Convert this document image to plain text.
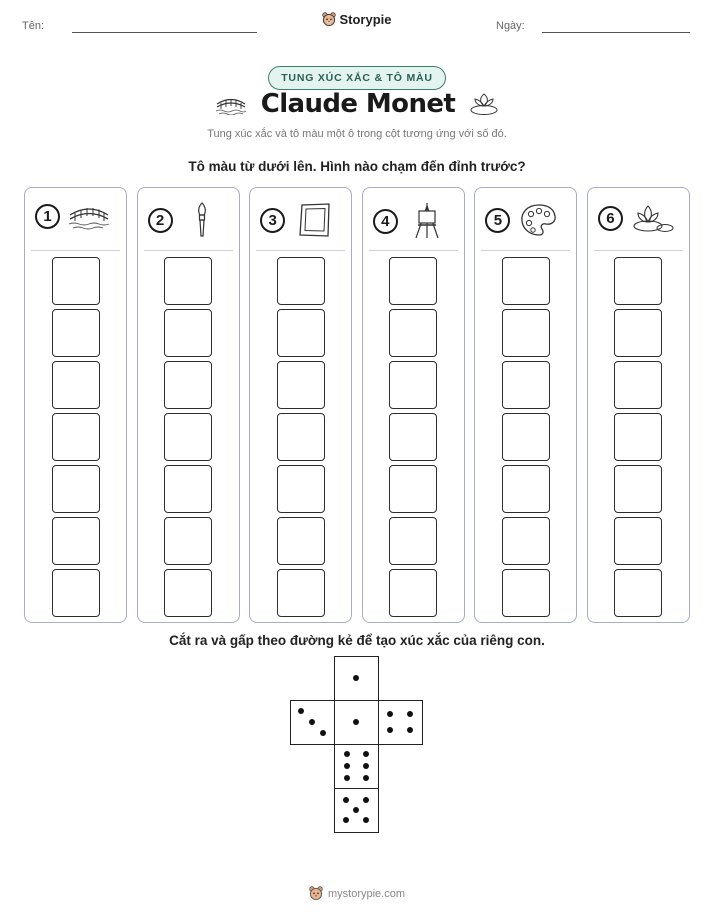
Tên:	Storypie	Ngày:
TUNG XÚC XẮC & TÔ MÀU
Claude Monet
Tung xúc xắc và tô màu một ô trong cột tương ứng với số đó.
Tô màu từ dưới lên. Hình nào chạm đến đỉnh trước?
1	2	3	4	5	6
Cắt ra và gấp theo đường kẻ để tạo xúc xắc của riêng con.
mystorypie.com
